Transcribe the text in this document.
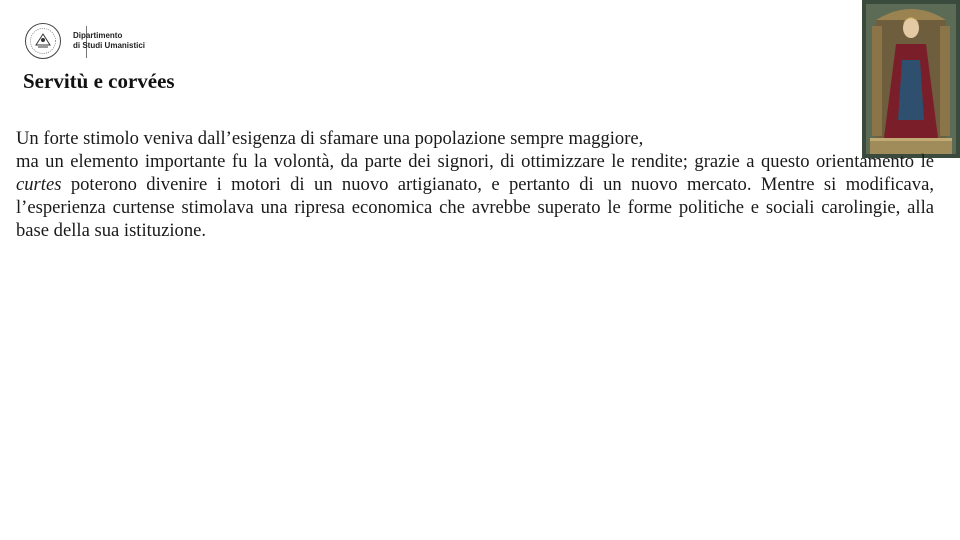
Dipartimento
di Studi Umanistici
Servitù e corvées

Un forte stimolo veniva dall’esigenza di sfamare una popolazione sempre maggiore,
ma un elemento importante fu la volontà, da parte dei signori, di ottimizzare le rendite; grazie a questo orientamento le curtes poterono divenire i motori di un nuovo artigianato, e pertanto di un nuovo mercato. Mentre si modificava, l’esperienza curtense stimolava una ripresa economica che avrebbe superato le forme politiche e sociali carolingie, alla base della sua istituzione.
